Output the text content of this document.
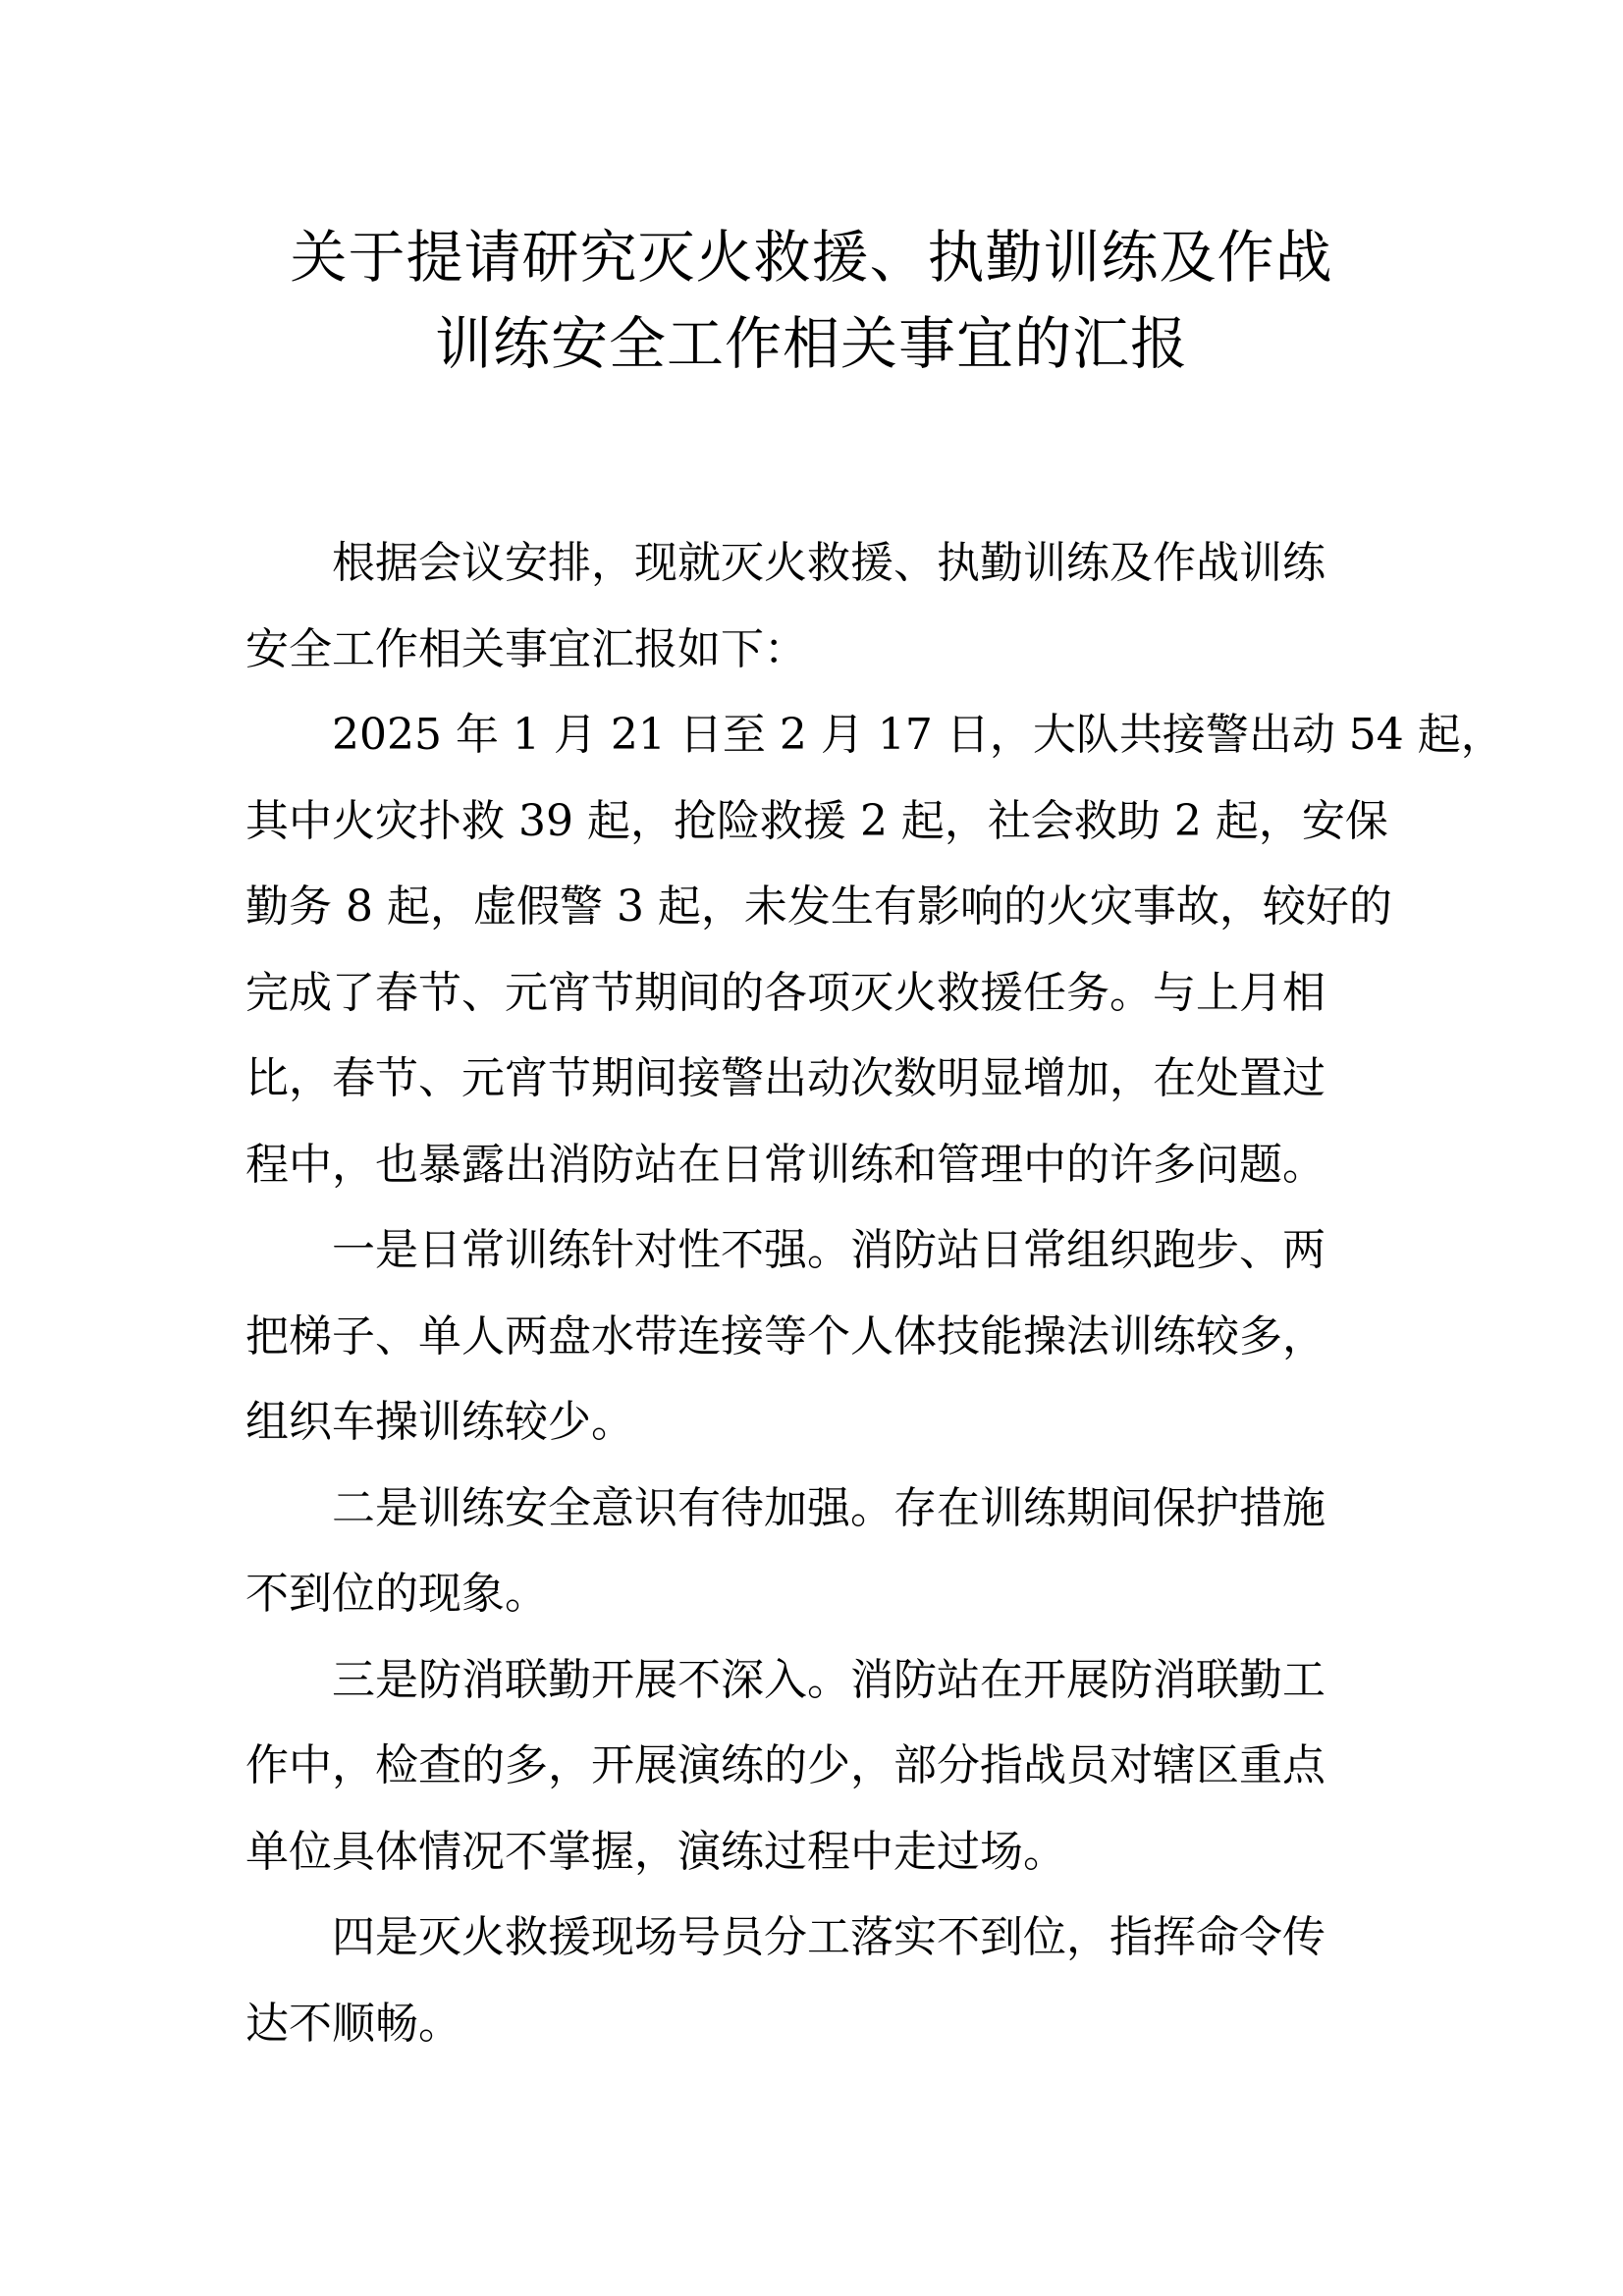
关于提请研究灭火救援、执勤训练及作战
训练安全工作相关事宜的汇报
根据会议安排，现就灭火救援、执勤训练及作战训练
安全工作相关事宜汇报如下：
2025 年 1 月 21 日至 2 月 17 日，大队共接警出动 54 起，
其中火灾扑救 39 起，抢险救援 2 起，社会救助 2 起，安保
勤务 8 起，虚假警 3 起，未发生有影响的火灾事故，较好的
完成了春节、元宵节期间的各项灭火救援任务。与上月相
比，春节、元宵节期间接警出动次数明显增加，在处置过
程中，也暴露出消防站在日常训练和管理中的许多问题。
一是日常训练针对性不强。消防站日常组织跑步、两
把梯子、单人两盘水带连接等个人体技能操法训练较多，
组织车操训练较少。
二是训练安全意识有待加强。存在训练期间保护措施
不到位的现象。
三是防消联勤开展不深入。消防站在开展防消联勤工
作中，检查的多，开展演练的少，部分指战员对辖区重点
单位具体情况不掌握，演练过程中走过场。
四是灭火救援现场号员分工落实不到位，指挥命令传
达不顺畅。
